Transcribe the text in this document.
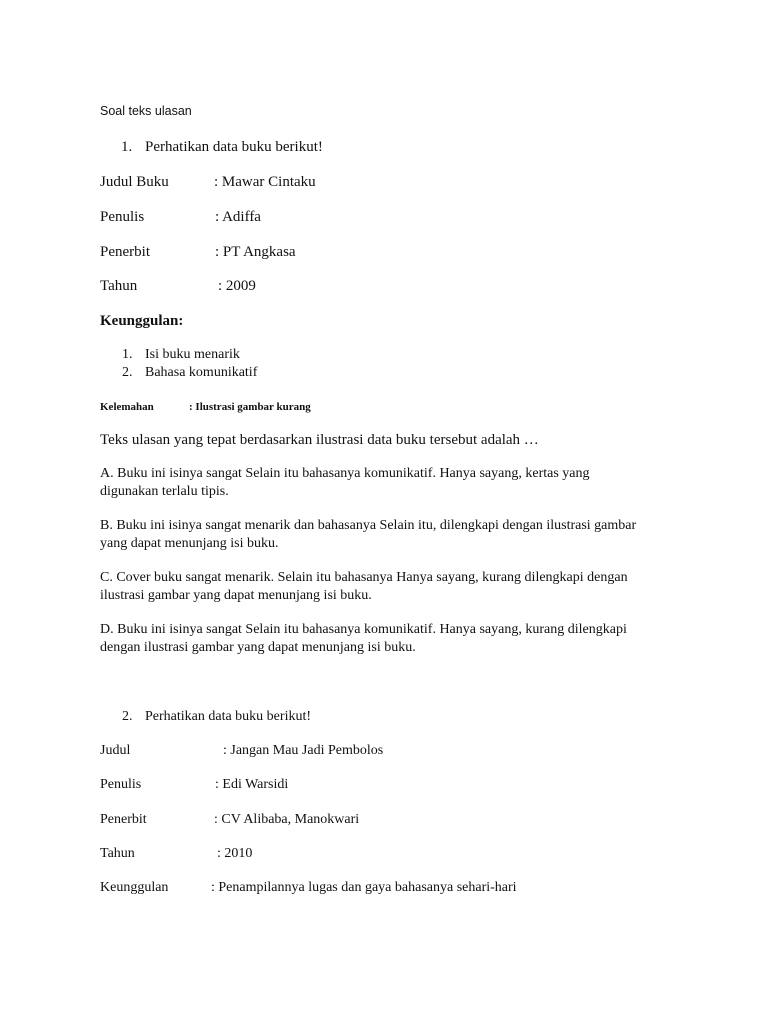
Soal teks ulasan
1. Perhatikan data buku berikut!
Judul Buku	: Mawar Cintaku
Penulis	: Adiffa
Penerbit	: PT Angkasa
Tahun	: 2009
Keunggulan:
1. Isi buku menarik
2. Bahasa komunikatif
Kelemahan	: Ilustrasi gambar kurang
Teks ulasan yang tepat berdasarkan ilustrasi data buku tersebut adalah …
A. Buku ini isinya sangat Selain itu bahasanya komunikatif. Hanya sayang, kertas yang
digunakan terlalu tipis.
B. Buku ini isinya sangat menarik dan bahasanya Selain itu, dilengkapi dengan ilustrasi gambar
yang dapat menunjang isi buku.
C. Cover buku sangat menarik. Selain itu bahasanya Hanya sayang, kurang dilengkapi dengan
ilustrasi gambar yang dapat menunjang isi buku.
D. Buku ini isinya sangat Selain itu bahasanya komunikatif. Hanya sayang, kurang dilengkapi
dengan ilustrasi gambar yang dapat menunjang isi buku.
2. Perhatikan data buku berikut!
Judul	: Jangan Mau Jadi Pembolos
Penulis	: Edi Warsidi
Penerbit	: CV Alibaba, Manokwari
Tahun	: 2010
Keunggulan	: Penampilannya lugas dan gaya bahasanya sehari-hari
